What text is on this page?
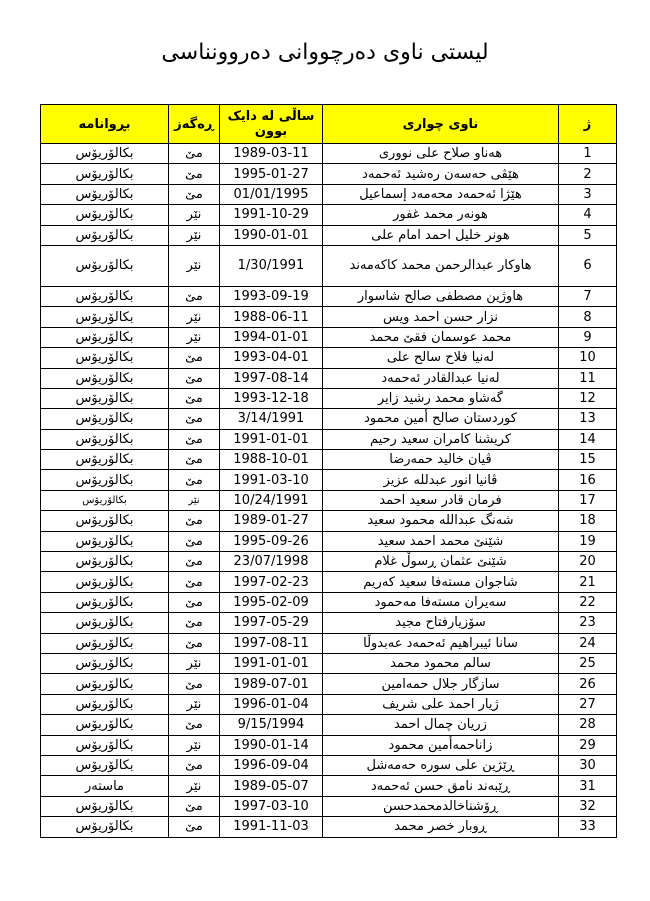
لیستی ناوی دەرچووانی دەروونناسی
ژ	ناوی چواری	ساڵی لە دایک بوون	ڕەگەز	بڕوانامە
1	هەناو صلاح علی نووری	1989-03-11	مێ	بکالۆریۆس
2	هێڤی حەسەن رەشید ئەحمەد	1995-01-27	مێ	بکالۆریۆس
3	هێژا ئەحمەد محەمەد إسماعیل	01/01/1995	مێ	بکالۆریۆس
4	هونەر محمد غفور	1991-10-29	نێر	بکالۆریۆس
5	هونر خلیل احمد امام علی	1990-01-01	نێر	بکالۆریۆس
6	هاوکار عبدالرحمن محمد کاکەمەند	1/30/1991	نێر	بکالۆریۆس
7	هاوژین مصطفی صالح شاسوار	1993-09-19	مێ	بکالۆریۆس
8	نزار حسن احمد ویس	1988-06-11	نێر	بکالۆریۆس
9	محمد عوسمان فقێ محمد	1994-01-01	نێر	بکالۆریۆس
10	لەنیا فلاح سالح علی	1993-04-01	مێ	بکالۆریۆس
11	لەنیا عبدالقادر ئەحمەد	1997-08-14	مێ	بکالۆریۆس
12	گەشاو محمد رشید زایر	1993-12-18	مێ	بکالۆریۆس
13	کوردستان صالح أمین محمود	3/14/1991	مێ	بکالۆریۆس
14	کریشنا کامران سعید رحیم	1991-01-01	مێ	بکالۆریۆس
15	ڤیان خالید حمەرضا	1988-10-01	مێ	بکالۆریۆس
16	ڤانیا انور عبدلله عزیز	1991-03-10	مێ	بکالۆریۆس
17	فرمان قادر سعید احمد	10/24/1991	نێر	بکالۆریۆس
18	شەنگ عبدالله محمود سعید	1989-01-27	مێ	بکالۆریۆس
19	شێنێ محمد احمد سعید	1995-09-26	مێ	بکالۆریۆس
20	شێنێ عثمان ڕسوڵ غلام	23/07/1998	مێ	بکالۆریۆس
21	شاجوان مستەفا سعید کەریم	1997-02-23	مێ	بکالۆریۆس
22	سەیران مستەفا مەحمود	1995-02-09	مێ	بکالۆریۆس
23	سۆزیارفتاح مجید	1997-05-29	مێ	بکالۆریۆس
24	سانا ئیبراهیم ئەحمەد عەبدوڵا	1997-08-11	مێ	بکالۆریۆس
25	سالم محمود محمد	1991-01-01	نێر	بکالۆریۆس
26	سازگار جلال حمەامین	1989-07-01	مێ	بکالۆریۆس
27	ژیار احمد علی شریف	1996-01-04	نێر	بکالۆریۆس
28	زریان چمال احمد	9/15/1994	مێ	بکالۆریۆس
29	زاناحمەأمین محمود	1990-01-14	نێر	بکالۆریۆس
30	ڕێژین علی سورە حەمەشل	1996-09-04	مێ	بکالۆریۆس
31	ڕێبەند نامق حسن ئەحمەد	1989-05-07	نێر	ماستەر
32	ڕۆشناخالدمحمدحسن	1997-03-10	مێ	بکالۆریۆس
33	ڕوبار خصر محمد	1991-11-03	مێ	بکالۆریۆس
